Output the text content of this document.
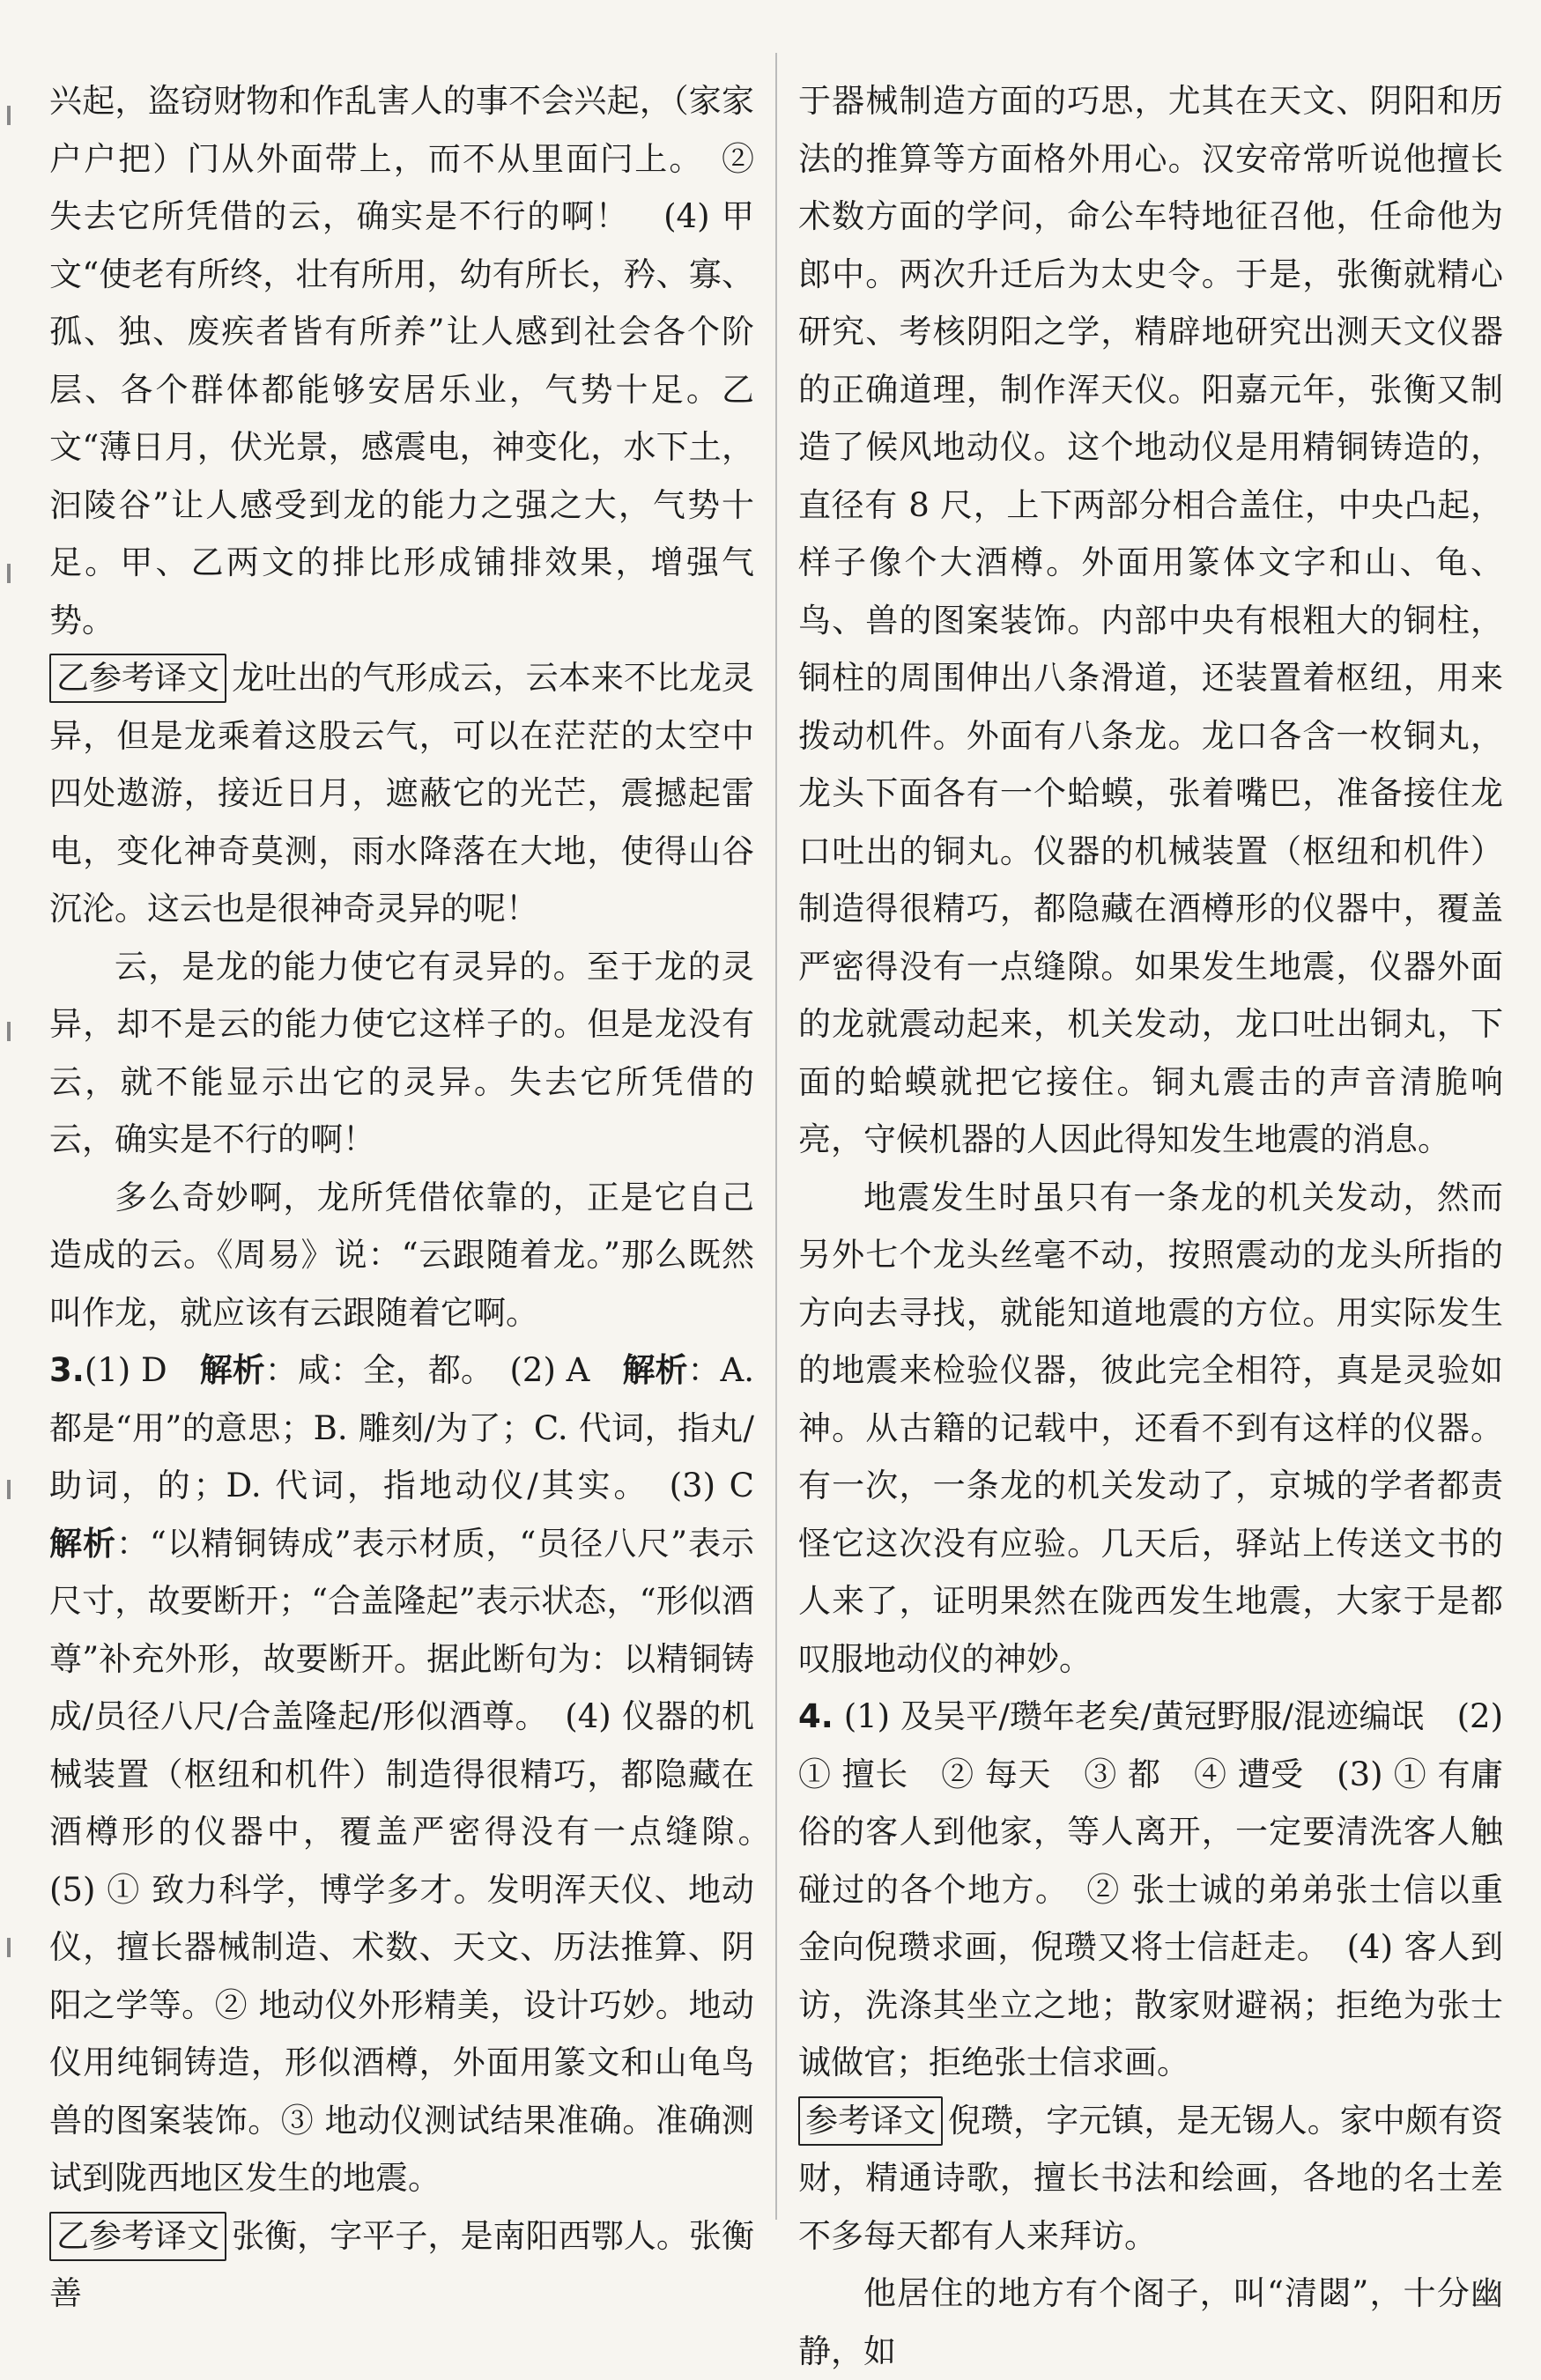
兴起，盗窃财物和作乱害人的事不会兴起，（家家户户把）门从外面带上，而不从里面闩上。　② 失去它所凭借的云，确实是不行的啊！　(4) 甲文“使老有所终，壮有所用，幼有所长，矜、寡、孤、独、废疾者皆有所养”让人感到社会各个阶层、各个群体都能够安居乐业，气势十足。乙文“薄日月，伏光景，感震电，神变化，水下土，汩陵谷”让人感受到龙的能力之强之大，气势十足。甲、乙两文的排比形成铺排效果，增强气势。

乙参考译文 龙吐出的气形成云，云本来不比龙灵异，但是龙乘着这股云气，可以在茫茫的太空中四处遨游，接近日月，遮蔽它的光芒，震撼起雷电，变化神奇莫测，雨水降落在大地，使得山谷沉沦。这云也是很神奇灵异的呢！

云，是龙的能力使它有灵异的。至于龙的灵异，却不是云的能力使它这样子的。但是龙没有云，就不能显示出它的灵异。失去它所凭借的云，确实是不行的啊！

多么奇妙啊，龙所凭借依靠的，正是它自己造成的云。《周易》说：“云跟随着龙。”那么既然叫作龙，就应该有云跟随着它啊。

3.(1) D　解析：咸：全，都。　(2) A　解析：A. 都是“用”的意思；B. 雕刻/为了；C. 代词，指丸/助词，的；D. 代词，指地动仪/其实。　(3) C　解析：“以精铜铸成”表示材质，“员径八尺”表示尺寸，故要断开；“合盖隆起”表示状态，“形似酒尊”补充外形，故要断开。据此断句为：以精铜铸成/员径八尺/合盖隆起/形似酒尊。　(4) 仪器的机械装置（枢纽和机件）制造得很精巧，都隐藏在酒樽形的仪器中，覆盖严密得没有一点缝隙。　(5) ① 致力科学，博学多才。发明浑天仪、地动仪，擅长器械制造、术数、天文、历法推算、阴阳之学等。② 地动仪外形精美，设计巧妙。地动仪用纯铜铸造，形似酒樽，外面用篆文和山龟鸟兽的图案装饰。③ 地动仪测试结果准确。准确测试到陇西地区发生的地震。

乙参考译文 张衡，字平子，是南阳西鄂人。张衡善

于器械制造方面的巧思，尤其在天文、阴阳和历法的推算等方面格外用心。汉安帝常听说他擅长术数方面的学问，命公车特地征召他，任命他为郎中。两次升迁后为太史令。于是，张衡就精心研究、考核阴阳之学，精辟地研究出测天文仪器的正确道理，制作浑天仪。阳嘉元年，张衡又制造了候风地动仪。这个地动仪是用精铜铸造的，直径有 8 尺，上下两部分相合盖住，中央凸起，样子像个大酒樽。外面用篆体文字和山、龟、鸟、兽的图案装饰。内部中央有根粗大的铜柱，铜柱的周围伸出八条滑道，还装置着枢纽，用来拨动机件。外面有八条龙。龙口各含一枚铜丸，龙头下面各有一个蛤蟆，张着嘴巴，准备接住龙口吐出的铜丸。仪器的机械装置（枢纽和机件）制造得很精巧，都隐藏在酒樽形的仪器中，覆盖严密得没有一点缝隙。如果发生地震，仪器外面的龙就震动起来，机关发动，龙口吐出铜丸，下面的蛤蟆就把它接住。铜丸震击的声音清脆响亮，守候机器的人因此得知发生地震的消息。

地震发生时虽只有一条龙的机关发动，然而另外七个龙头丝毫不动，按照震动的龙头所指的方向去寻找，就能知道地震的方位。用实际发生的地震来检验仪器，彼此完全相符，真是灵验如神。从古籍的记载中，还看不到有这样的仪器。有一次，一条龙的机关发动了，京城的学者都责怪它这次没有应验。几天后，驿站上传送文书的人来了，证明果然在陇西发生地震，大家于是都叹服地动仪的神妙。

4. (1) 及吴平/瓒年老矣/黄冠野服/混迹编氓　(2) ① 擅长　② 每天　③ 都　④ 遭受　(3) ① 有庸俗的客人到他家，等人离开，一定要清洗客人触碰过的各个地方。　② 张士诚的弟弟张士信以重金向倪瓒求画，倪瓒又将士信赶走。　(4) 客人到访，洗涤其坐立之地；散家财避祸；拒绝为张士诚做官；拒绝张士信求画。

参考译文 倪瓒，字元镇，是无锡人。家中颇有资财，精通诗歌，擅长书法和绘画，各地的名士差不多每天都有人来拜访。

他居住的地方有个阁子，叫“清閟”，十分幽静，如
